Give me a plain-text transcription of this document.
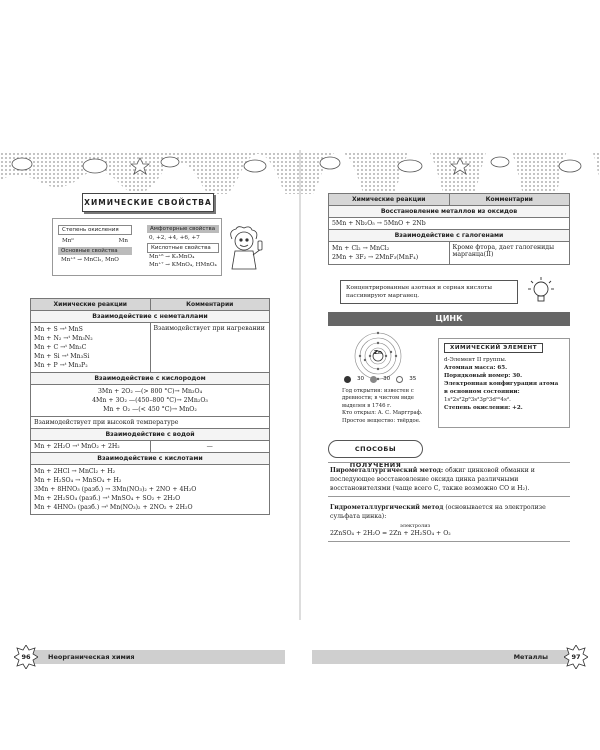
ХИМИЧЕСКИЕ СВОЙСТВА
Степень окисления
Mn⁰	Mn
Основные свойства
Mn⁺² → MnCl₂, MnO
Амфотерные свойства
0, +2, +4, +6, +7
Кислотные свойства
Mn⁺⁶ → K₂MnO₄
Mn⁺⁷ → KMnO₄, HMnO₄
Химические реакции	Комментарии
Взаимодействие с неметаллами	

Mn + S →ᵗ MnS
Mn + N₂ →ᵗ Mn₃N₂
Mn + C →ᵗ Mn₃C
Mn + Si →ᵗ Mn₃Si
Mn + P →ᵗ Mn₃P₂	Взаимодействует при нагревании
Взаимодействие с кислородом	

3Mn + 2O₂ —(> 800 °C)→ Mn₃O₄
4Mn + 3O₂ —(450–800 °C)→ 2Mn₂O₃
Mn + O₂ —(< 450 °C)→ MnO₂	

Взаимодействует при высокой температуре	
Взаимодействие с водой	
Mn + 2H₂O →ᵗ MnO₂ + 2H₂	—
Взаимодействие с кислотами	

Mn + 2HCl → MnCl₂ + H₂
Mn + H₂SO₄ → MnSO₄ + H₂
3Mn + 8HNO₃ (разб.) → 3Mn(NO₃)₂ + 2NO + 4H₂O
Mn + 2H₂SO₄ (разб.) →ᵗ MnSO₄ + SO₂ + 2H₂O
Mn + 4HNO₃ (разб.) →ᵗ Mn(NO₃)₂ + 2NO₂ + 2H₂O	
Неорганическая химия
96
Химические реакции	Комментарии
Восстановление металлов из оксидов	
5Mn + Nb₂O₅ → 5MnO + 2Nb	
Взаимодействие с галогенами	

Mn + Cl₂ → MnCl₂
2Mn + 3F₂ → 2MnF₃(MnF₄)	Кроме фтора, дает галогениды марганца(II)
Концентрированные азотная и серная кислоты пассивируют марганец.
ЦИНК
Zn
30	30	35
Год открытия: известен с древности; в чистом виде выделен в 1746 г.
Кто открыл: А. С. Маргграф.
Простое вещество: твёрдое.
ХИМИЧЕСКИЙ ЭЛЕМЕНТ
d-Элемент II группы.
Атомная масса: 65.
Порядковый номер: 30.
Электронная конфигурация атома в основном состоянии:
1s²2s²2p⁶3s²3p⁶3d¹⁰4s².
Степень окисления: +2.
СПОСОБЫ ПОЛУЧЕНИЯ
Пирометаллургический метод: обжиг цинковой обманки и последующее восстановление оксида цинка различными восстановителями (чаще всего С, также возможно CO и H₂).
Гидрометаллургический метод (основывается на электролизе сульфата цинка):
электролиз
2ZnSO₄ + 2H₂O = 2Zn + 2H₂SO₄ + O₂
Металлы	97
